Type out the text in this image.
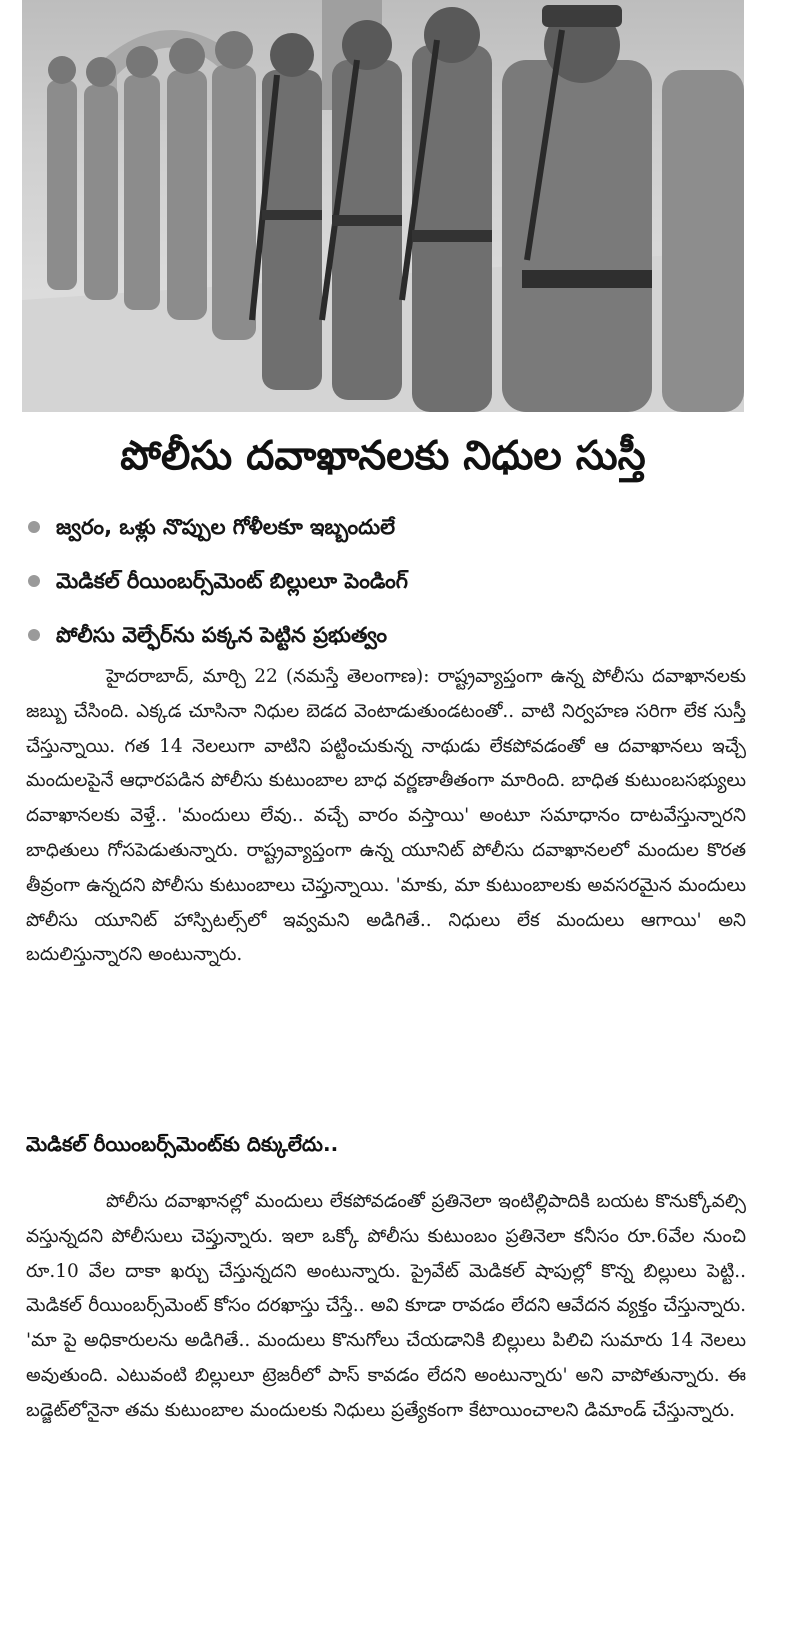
పోలీసు దవాఖానలకు నిధుల సుస్తీ
జ్వరం, ఒళ్లు నొప్పుల గోళీలకూ ఇబ్బందులే
మెడికల్ రీయింబర్స్‌మెంట్ బిల్లులూ పెండింగ్
పోలీసు వెల్ఫేర్‌ను పక్కన పెట్టిన ప్రభుత్వం

హైదరాబాద్, మార్చి 22 (నమస్తే తెలంగాణ): రాష్ట్రవ్యాప్తంగా ఉన్న పోలీసు దవాఖానలకు జబ్బు చేసింది. ఎక్కడ చూసినా నిధుల బెడద వెంటాడుతుండటంతో.. వాటి నిర్వహణ సరిగా లేక సుస్తీ చేస్తున్నాయి. గత 14 నెలలుగా వాటిని పట్టించుకున్న నాథుడు లేకపోవడంతో ఆ దవాఖానలు ఇచ్చే మందులపైనే ఆధారపడిన పోలీసు కుటుంబాల బాధ వర్ణణాతీతంగా మారింది. బాధిత కుటుంబసభ్యులు దవాఖానలకు వెళ్తే.. 'మందులు లేవు.. వచ్చే వారం వస్తాయి' అంటూ సమాధానం దాటవేస్తున్నారని బాధితులు గోసపెడుతున్నారు. రాష్ట్రవ్యాప్తంగా ఉన్న యూనిట్ పోలీసు దవాఖానలలో మందుల కొరత తీవ్రంగా ఉన్నదని పోలీసు కుటుంబాలు చెప్తున్నాయి. 'మాకు, మా కుటుంబాలకు అవసరమైన మందులు పోలీసు యూనిట్ హాస్పిటల్స్‌లో ఇవ్వమని అడిగితే.. నిధులు లేక మందులు ఆగాయి' అని బదులిస్తున్నారని అంటున్నారు.

మెడికల్ రీయింబర్స్‌మెంట్‌కు దిక్కులేదు..

పోలీసు దవాఖానల్లో మందులు లేకపోవడంతో ప్రతినెలా ఇంటిల్లిపాదికి బయట కొనుక్కోవల్సి వస్తున్నదని పోలీసులు చెప్తున్నారు. ఇలా ఒక్కో పోలీసు కుటుంబం ప్రతినెలా కనీసం రూ.6వేల నుంచి రూ.10 వేల దాకా ఖర్చు చేస్తున్నదని అంటున్నారు. ప్రైవేట్ మెడికల్ షాపుల్లో కొన్న బిల్లులు పెట్టి.. మెడికల్ రీయింబర్స్‌మెంట్ కోసం దరఖాస్తు చేస్తే.. అవి కూడా రావడం లేదని ఆవేదన వ్యక్తం చేస్తున్నారు. 'మా పై అధికారులను అడిగితే.. మందులు కొనుగోలు చేయడానికి బిల్లులు పిలిచి సుమారు 14 నెలలు అవుతుంది. ఎటువంటి బిల్లులూ ట్రెజరీలో పాస్ కావడం లేదని అంటున్నారు' అని వాపోతున్నారు. ఈ బడ్జెట్‌లోనైనా తమ కుటుంబాల మందులకు నిధులు ప్రత్యేకంగా కేటాయించాలని డిమాండ్ చేస్తున్నారు.
